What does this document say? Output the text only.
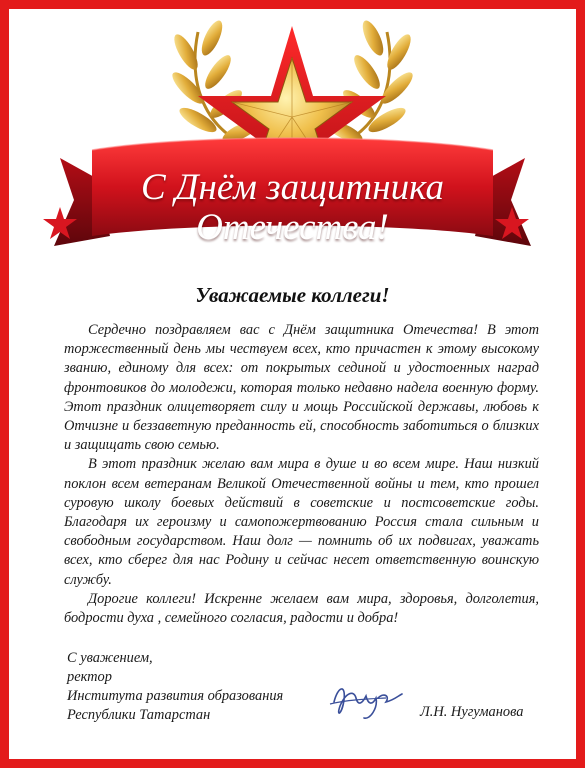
С Днём защитника
Отечества!
Уважаемые коллеги!

Сердечно поздравляем вас с Днём защитника Отечества! В этот торжественный день мы чествуем всех, кто причастен к этому высокому званию, единому для всех: от покрытых сединой и удостоенных наград фронтовиков до молодежи, которая только недавно надела военную форму. Этот праздник олицетворяет силу и мощь Российской державы, любовь к Отчизне и беззаветную преданность ей, способность заботиться о близких и защищать свою семью.

В этот праздник желаю вам мира в душе и во всем мире. Наш низкий поклон всем ветеранам Великой Отечественной войны и тем, кто прошел суровую школу боевых действий в советские и постсоветские годы. Благодаря их героизму и самопожертвованию Россия стала сильным и свободным государством. Наш долг — помнить об их подвигах, уважать всех, кто сберег для нас Родину и сейчас несет ответственную воинскую службу.

Дорогие коллеги! Искренне желаем вам мира, здоровья, долголетия, бодрости духа , семейного согласия, радости и добра!

С уважением,
ректор
Института развития образования
Республики Татарстан	Л.Н. Нугуманова
